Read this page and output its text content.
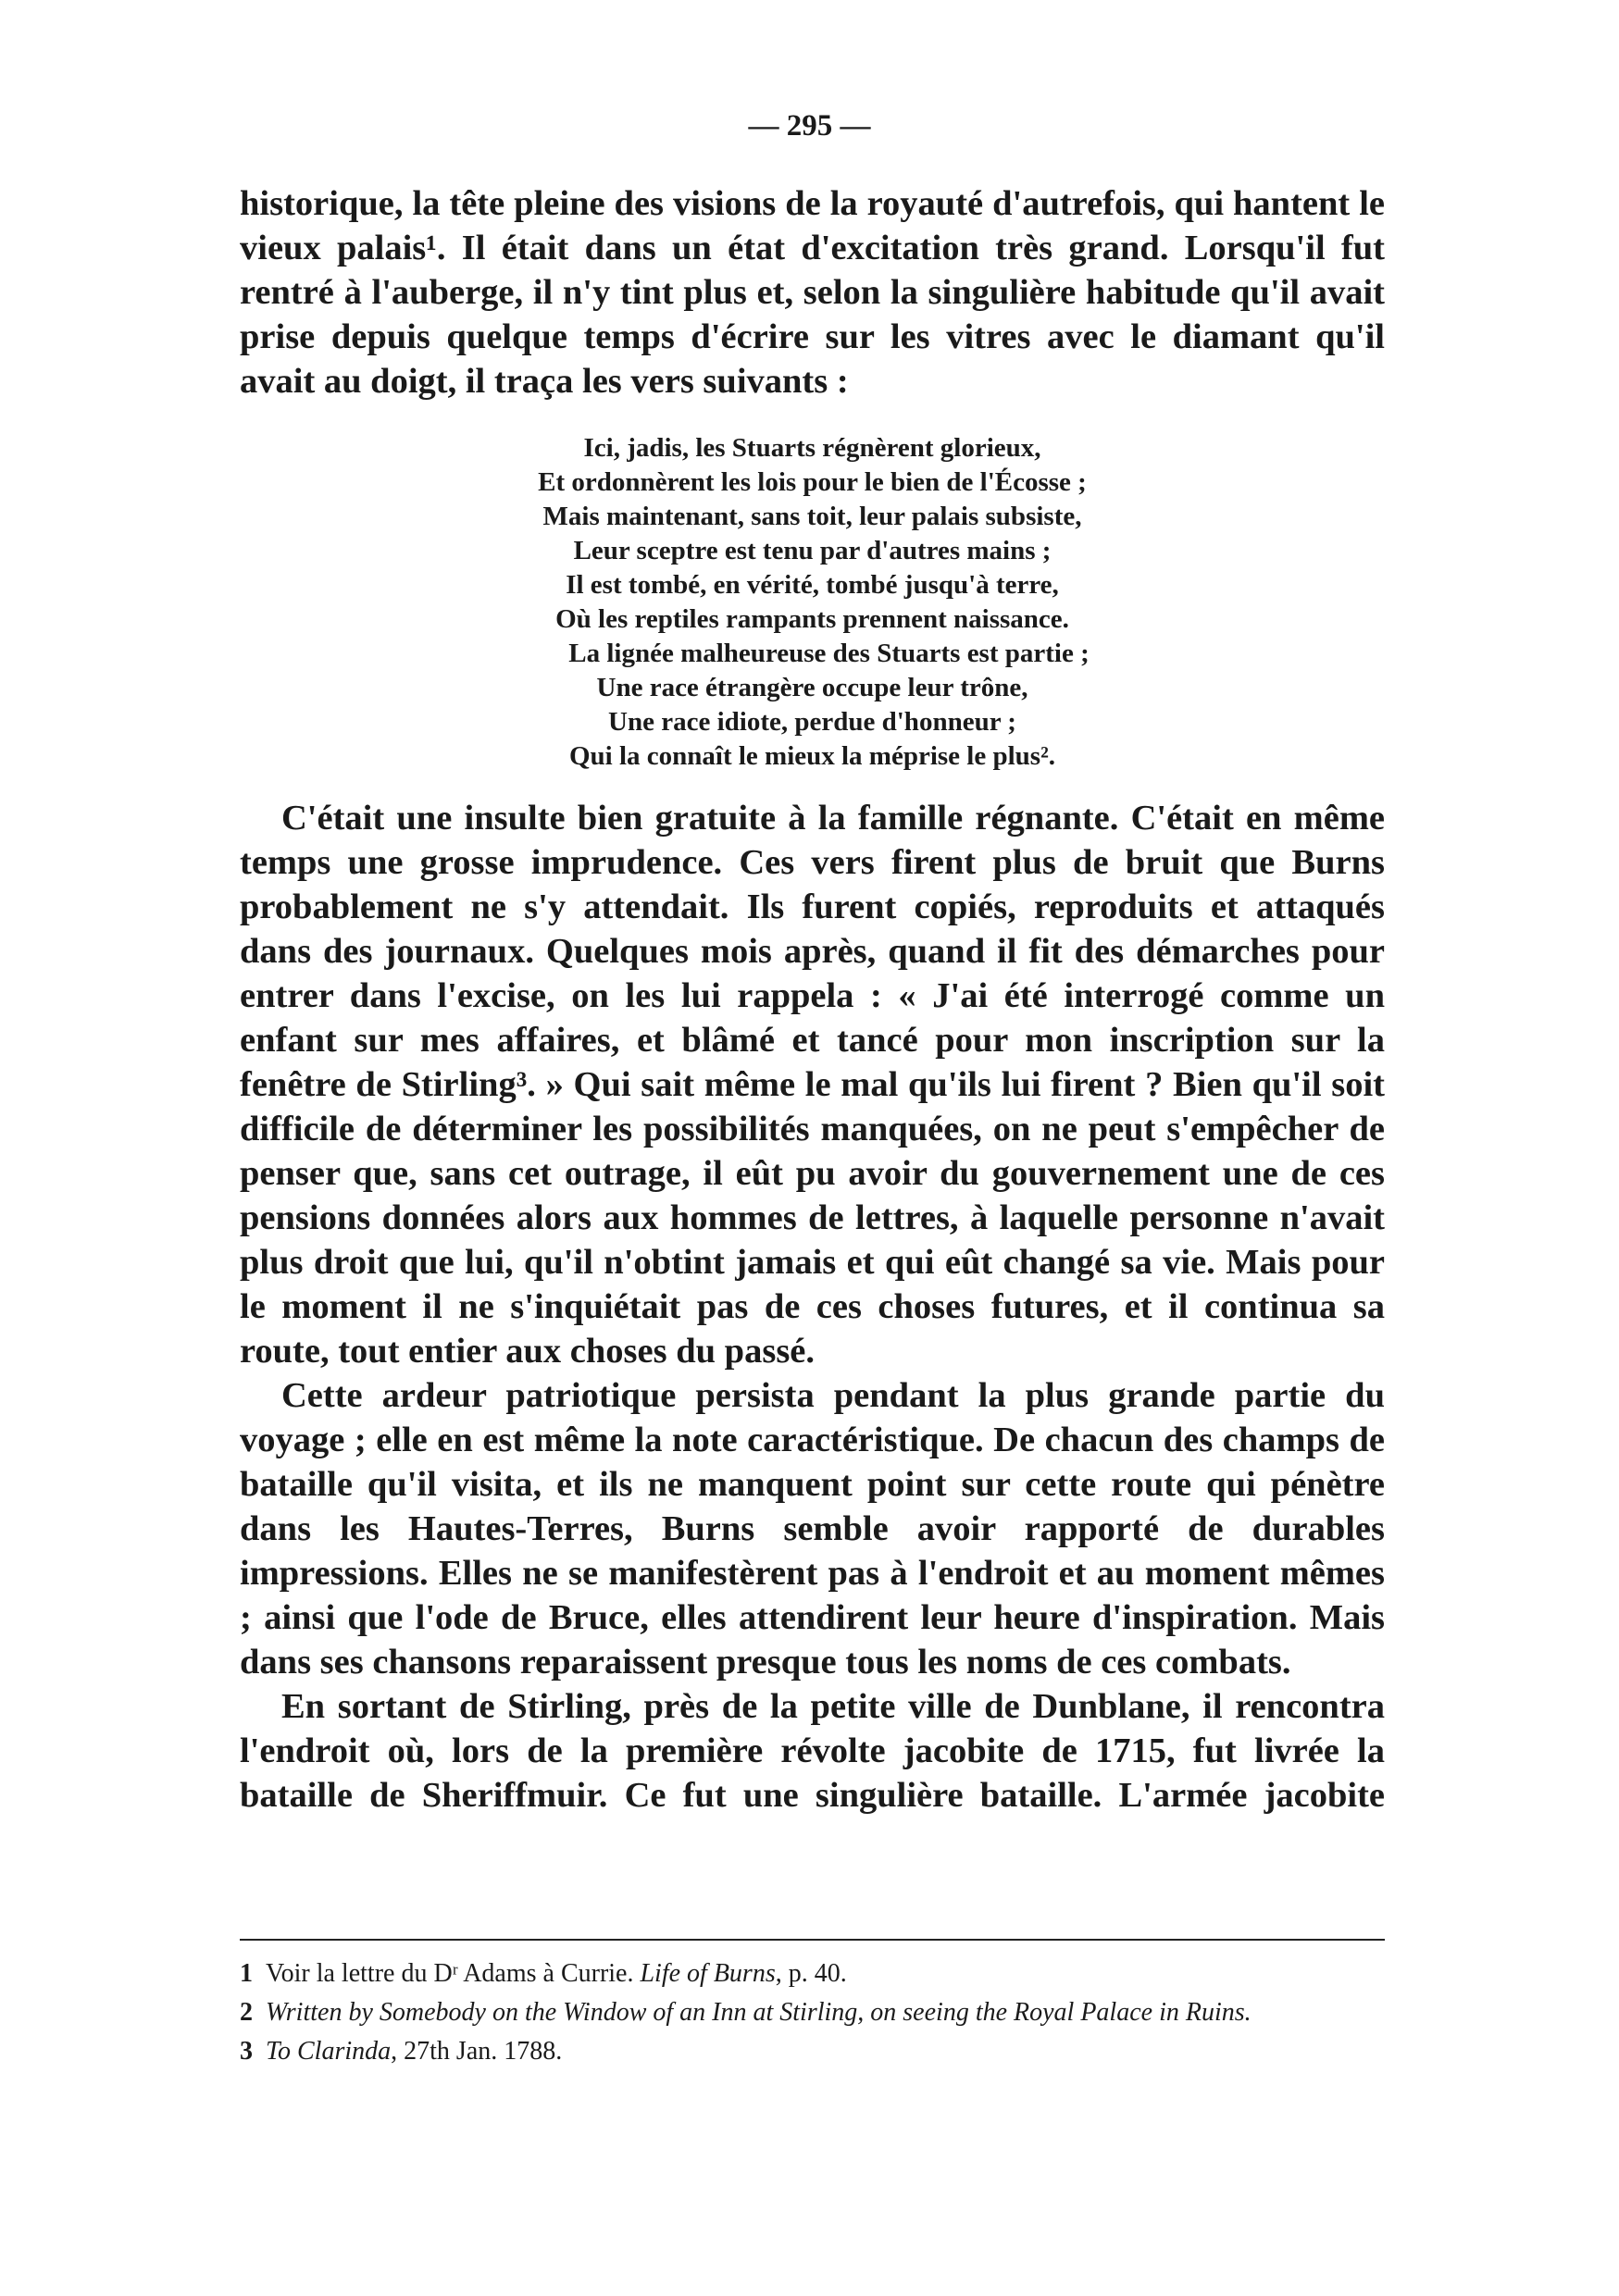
— 295 —

historique, la tête pleine des visions de la royauté d'autrefois, qui hantent le vieux palais¹. Il était dans un état d'excitation très grand. Lorsqu'il fut rentré à l'auberge, il n'y tint plus et, selon la singulière habitude qu'il avait prise depuis quelque temps d'écrire sur les vitres avec le diamant qu'il avait au doigt, il traça les vers suivants :

Ici, jadis, les Stuarts régnèrent glorieux,
Et ordonnèrent les lois pour le bien de l'Écosse ;
Mais maintenant, sans toit, leur palais subsiste,
Leur sceptre est tenu par d'autres mains ;
Il est tombé, en vérité, tombé jusqu'à terre,
Où les reptiles rampants prennent naissance.
La lignée malheureuse des Stuarts est partie ;
Une race étrangère occupe leur trône,
Une race idiote, perdue d'honneur ;
Qui la connaît le mieux la méprise le plus².

C'était une insulte bien gratuite à la famille régnante. C'était en même temps une grosse imprudence. Ces vers firent plus de bruit que Burns probablement ne s'y attendait. Ils furent copiés, reproduits et attaqués dans des journaux. Quelques mois après, quand il fit des démarches pour entrer dans l'excise, on les lui rappela : « J'ai été interrogé comme un enfant sur mes affaires, et blâmé et tancé pour mon inscription sur la fenêtre de Stirling³. » Qui sait même le mal qu'ils lui firent ? Bien qu'il soit difficile de déterminer les possibilités manquées, on ne peut s'empêcher de penser que, sans cet outrage, il eût pu avoir du gouvernement une de ces pensions données alors aux hommes de lettres, à laquelle personne n'avait plus droit que lui, qu'il n'obtint jamais et qui eût changé sa vie. Mais pour le moment il ne s'inquiétait pas de ces choses futures, et il continua sa route, tout entier aux choses du passé.

Cette ardeur patriotique persista pendant la plus grande partie du voyage ; elle en est même la note caractéristique. De chacun des champs de bataille qu'il visita, et ils ne manquent point sur cette route qui pénètre dans les Hautes-Terres, Burns semble avoir rapporté de durables impressions. Elles ne se manifestèrent pas à l'endroit et au moment mêmes ; ainsi que l'ode de Bruce, elles attendirent leur heure d'inspiration. Mais dans ses chansons reparaissent presque tous les noms de ces combats.

En sortant de Stirling, près de la petite ville de Dunblane, il rencontra l'endroit où, lors de la première révolte jacobite de 1715, fut livrée la bataille de Sheriffmuir. Ce fut une singulière bataille. L'armée jacobite

1 Voir la lettre du Dʳ Adams à Currie. Life of Burns, p. 40.
2 Written by Somebody on the Window of an Inn at Stirling, on seeing the Royal Palace in Ruins.
3 To Clarinda, 27th Jan. 1788.
